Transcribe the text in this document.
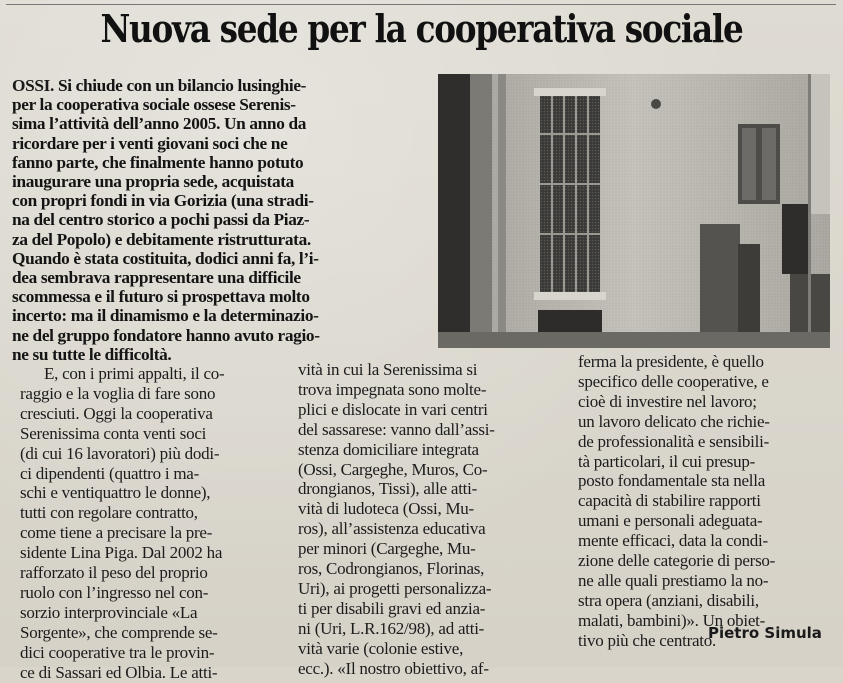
Nuova sede per la cooperativa sociale
OSSI. Si chiude con un bilancio lusinghie-
per la cooperativa sociale ossese Serenis-
sima l’attività dell’anno 2005. Un anno da
ricordare per i venti giovani soci che ne
fanno parte, che finalmente hanno potuto
inaugurare una propria sede, acquistata
con propri fondi in via Gorizia (una stradi-
na del centro storico a pochi passi da Piaz-
za del Popolo) e debitamente ristrutturata.
Quando è stata costituita, dodici anni fa, l’i-
dea sembrava rappresentare una difficile
scommessa e il futuro si prospettava molto
incerto: ma il dinamismo e la determinazio-
ne del gruppo fondatore hanno avuto ragio-
ne su tutte le difficoltà.
E, con i primi appalti, il co-
raggio e la voglia di fare sono
cresciuti. Oggi la cooperativa
Serenissima conta venti soci
(di cui 16 lavoratori) più dodi-
ci dipendenti (quattro i ma-
schi e ventiquattro le donne),
tutti con regolare contratto,
come tiene a precisare la pre-
sidente Lina Piga. Dal 2002 ha
rafforzato il peso del proprio
ruolo con l’ingresso nel con-
sorzio interprovinciale «La
Sorgente», che comprende se-
dici cooperative tra le provin-
ce di Sassari ed Olbia. Le atti-
vità in cui la Serenissima si
trova impegnata sono molte-
plici e dislocate in vari centri
del sassarese: vanno dall’assi-
stenza domiciliare integrata
(Ossi, Cargeghe, Muros, Co-
drongianos, Tissi), alle atti-
vità di ludoteca (Ossi, Mu-
ros), all’assistenza educativa
per minori (Cargeghe, Mu-
ros, Codrongianos, Florinas,
Uri), ai progetti personalizza-
ti per disabili gravi ed anzia-
ni (Uri, L.R.162/98), ad atti-
vità varie (colonie estive,
ecc.). «Il nostro obiettivo, af-
ferma la presidente, è quello
specifico delle cooperative, e
cioè di investire nel lavoro;
un lavoro delicato che richie-
de professionalità e sensibili-
tà particolari, il cui presup-
posto fondamentale sta nella
capacità di stabilire rapporti
umani e personali adeguata-
mente efficaci, data la condi-
zione delle categorie di perso-
ne alle quali prestiamo la no-
stra opera (anziani, disabili,
malati, bambini)». Un obiet-
tivo più che centrato.
Pietro Simula
